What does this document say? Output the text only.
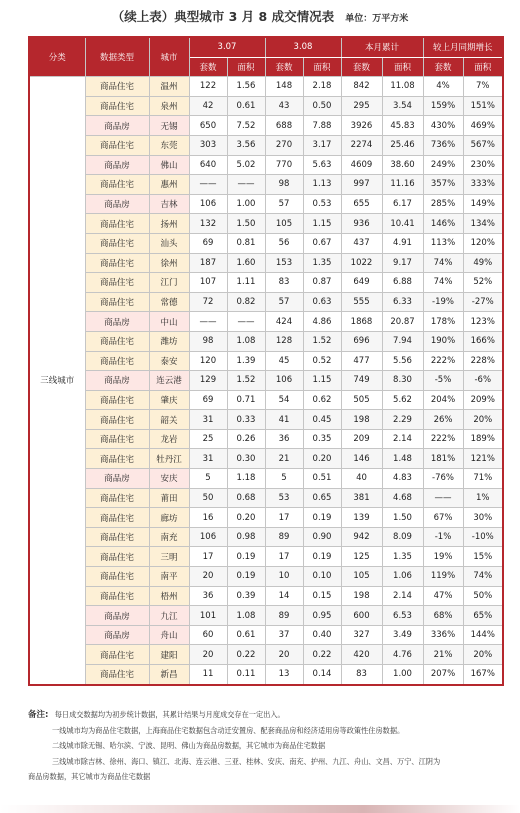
（续上表）典型城市 3 月 8 成交情况表 单位：万平方米
分类	数据类型	城市	3.07		3.08		本月累计		较上月同期增长	
			套数	面积	套数	面积	套数	面积	套数	面积
三线城市	商品住宅	温州	122	1.56	148	2.18	842	11.08	4%	7%
	商品住宅	泉州	42	0.61	43	0.50	295	3.54	159%	151%
	商品房	无锡	650	7.52	688	7.88	3926	45.83	430%	469%
	商品住宅	东莞	303	3.56	270	3.17	2274	25.46	736%	567%
	商品房	佛山	640	5.02	770	5.63	4609	38.60	249%	230%
	商品住宅	惠州	——	——	98	1.13	997	11.16	357%	333%
	商品房	吉林	106	1.00	57	0.53	655	6.17	285%	149%
	商品住宅	扬州	132	1.50	105	1.15	936	10.41	146%	134%
	商品住宅	汕头	69	0.81	56	0.67	437	4.91	113%	120%
	商品住宅	徐州	187	1.60	153	1.35	1022	9.17	74%	49%
	商品住宅	江门	107	1.11	83	0.87	649	6.88	74%	52%
	商品住宅	常德	72	0.82	57	0.63	555	6.33	-19%	-27%
	商品房	中山	——	——	424	4.86	1868	20.87	178%	123%
	商品住宅	潍坊	98	1.08	128	1.52	696	7.94	190%	166%
	商品住宅	泰安	120	1.39	45	0.52	477	5.56	222%	228%
	商品房	连云港	129	1.52	106	1.15	749	8.30	-5%	-6%
	商品住宅	肇庆	69	0.71	54	0.62	505	5.62	204%	209%
	商品住宅	韶关	31	0.33	41	0.45	198	2.29	26%	20%
	商品住宅	龙岩	25	0.26	36	0.35	209	2.14	222%	189%
	商品住宅	牡丹江	31	0.30	21	0.20	146	1.48	181%	121%
	商品房	安庆	5	1.18	5	0.51	40	4.83	-76%	71%
	商品住宅	莆田	50	0.68	53	0.65	381	4.68	——	1%
	商品住宅	廊坊	16	0.20	17	0.19	139	1.50	67%	30%
	商品住宅	南充	106	0.98	89	0.90	942	8.09	-1%	-10%
	商品住宅	三明	17	0.19	17	0.19	125	1.35	19%	15%
	商品住宅	南平	20	0.19	10	0.10	105	1.06	119%	74%
	商品住宅	梧州	36	0.39	14	0.15	198	2.14	47%	50%
	商品房	九江	101	1.08	89	0.95	600	6.53	68%	65%
	商品房	舟山	60	0.61	37	0.40	327	3.49	336%	144%
	商品住宅	建阳	20	0.22	20	0.22	420	4.76	21%	20%
	商品住宅	新昌	11	0.11	13	0.14	83	1.00	207%	167%
备注: 每日成交数据均为初步统计数据，其累计结果与月度成交存在一定出入。
一线城市均为商品住宅数据，上海商品住宅数据包含动迁安置房、配套商品房和经济适用房等政策性住房数据。
二线城市除无锡、哈尔滨、宁波、昆明、佛山为商品房数据，其它城市为商品住宅数据
三线城市除吉林、徐州、海口、镇江、北海、连云港、三亚、桂林、安庆、南充、护州、九江、舟山、文昌、万宁、江阴为
商品房数据，其它城市为商品住宅数据
